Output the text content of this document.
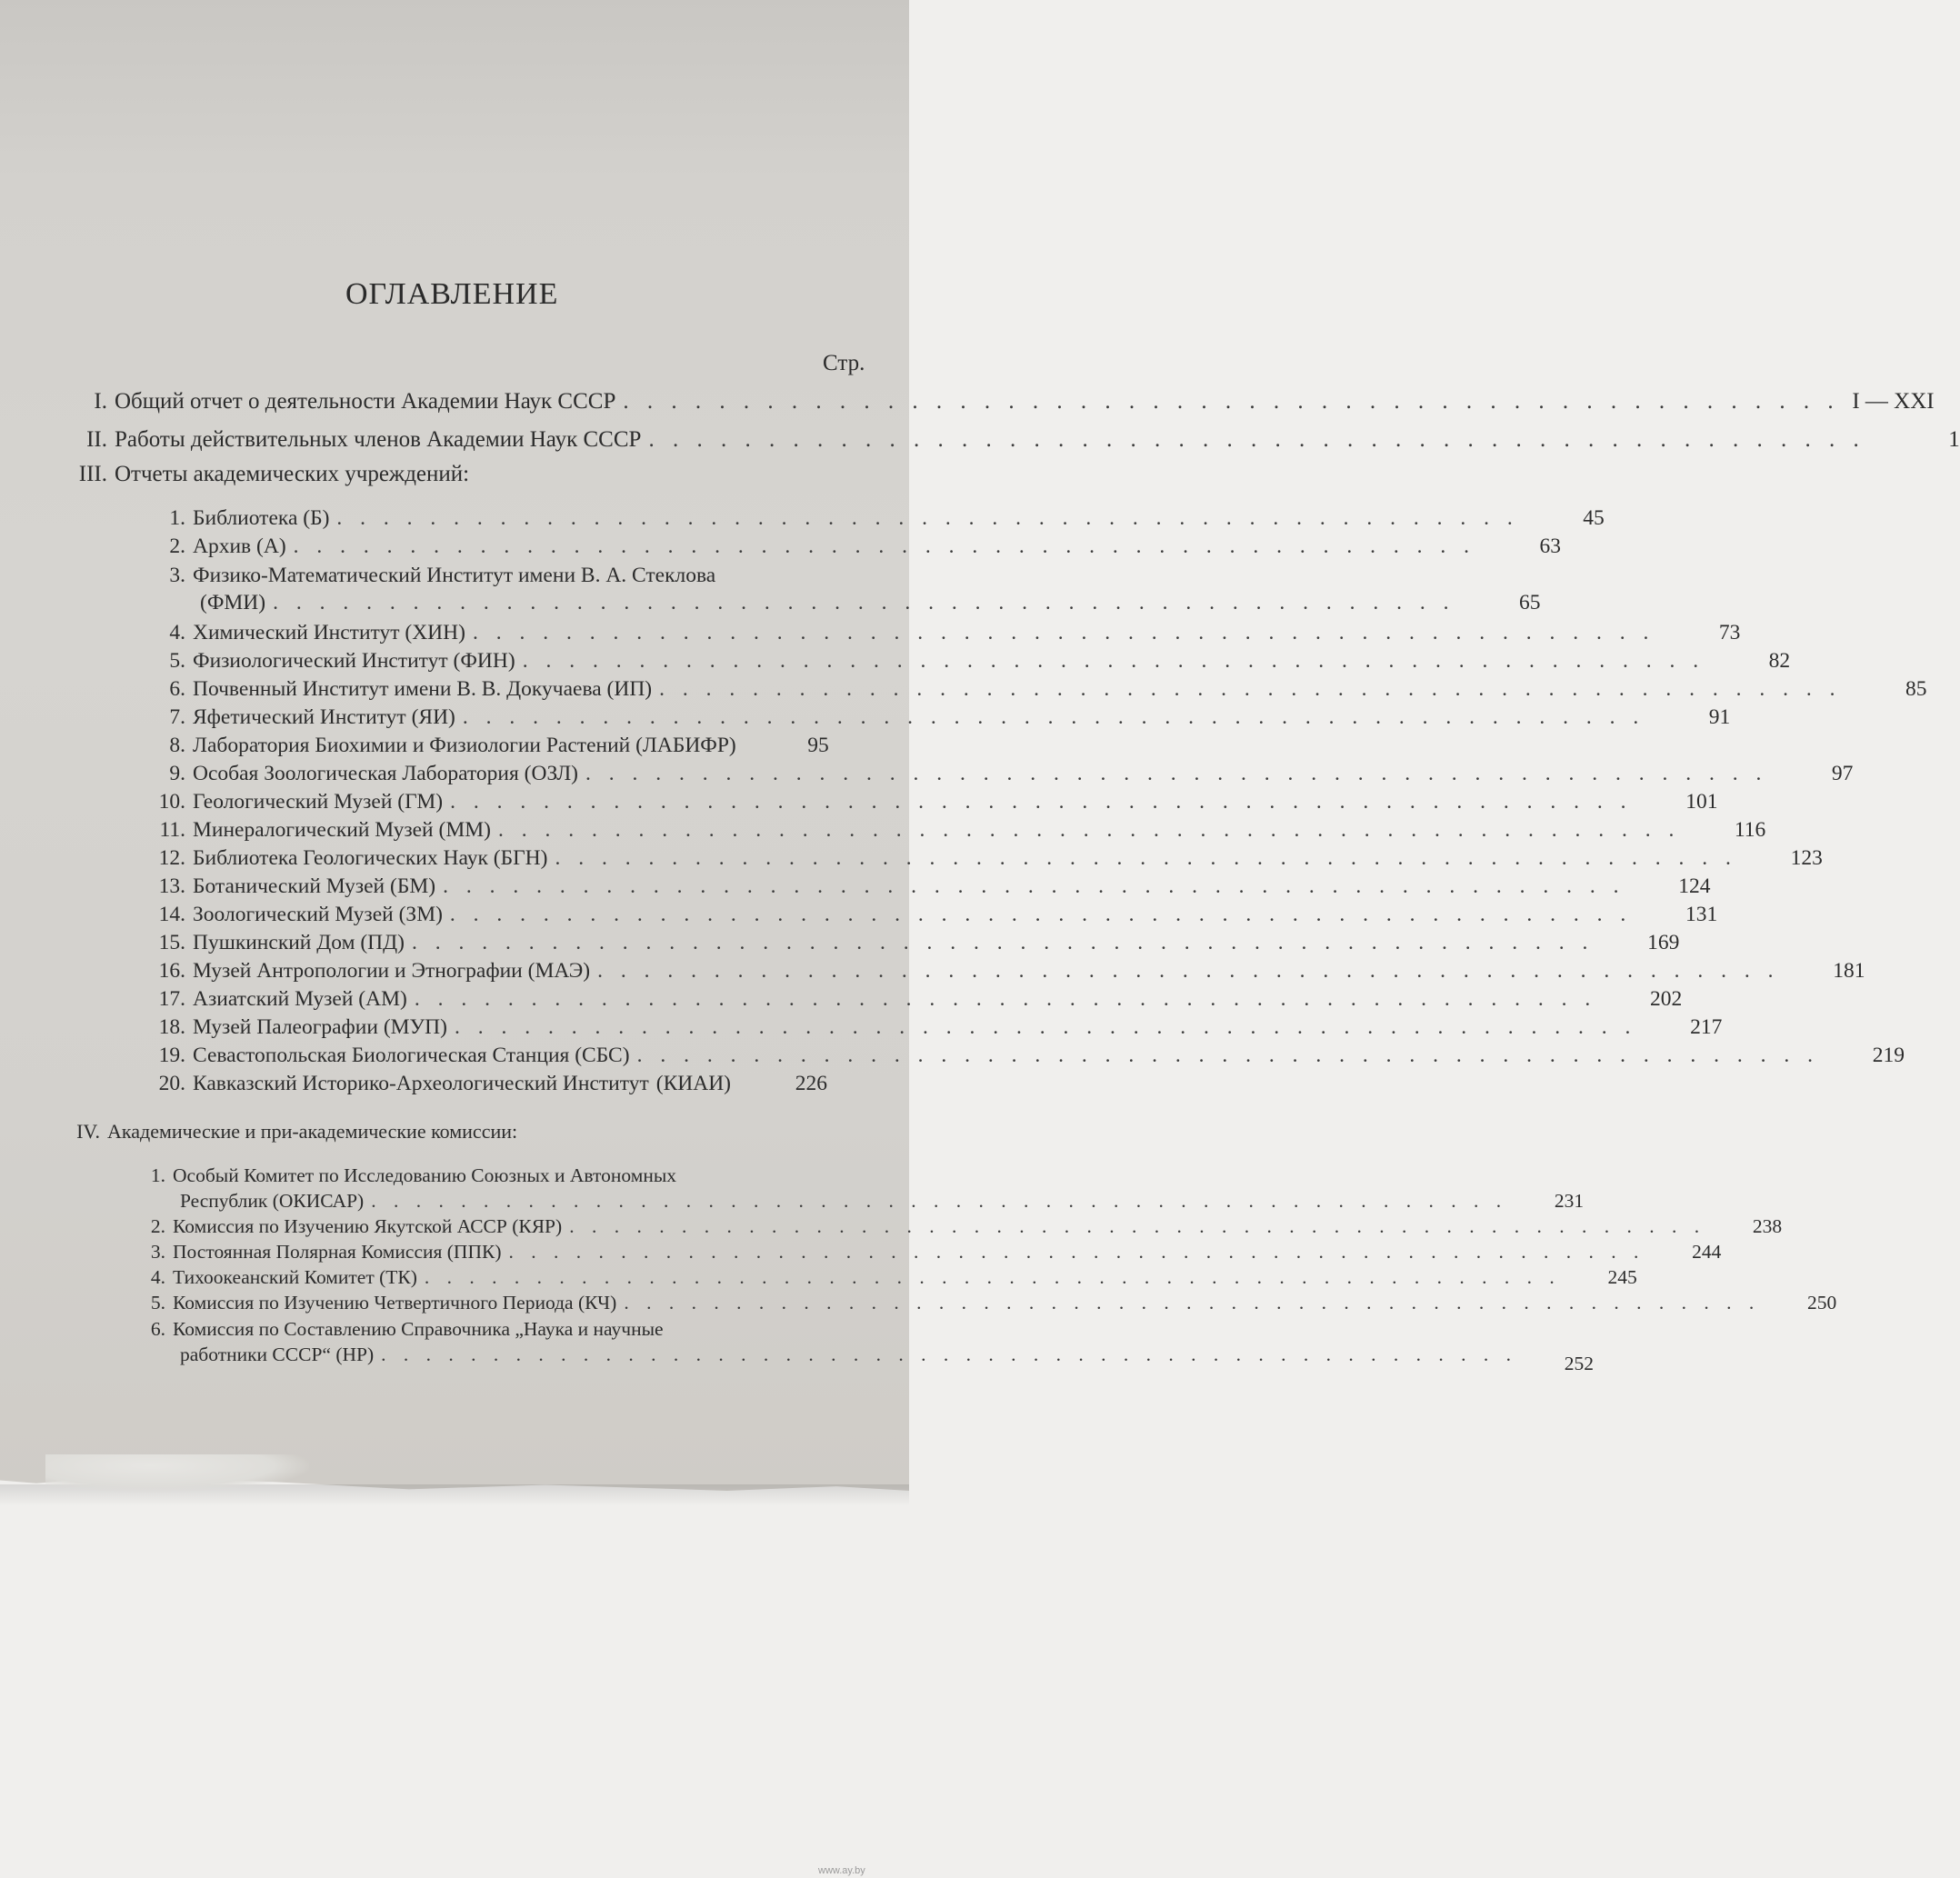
ОГЛАВЛЕНИЕ
Стр.
I. Общий отчет о деятельности Академии Наук СССР . . . . . . . . . . . . . . . . . . . . . . . . . . . . . . . . . . . . . . . . . . . . . . . . . . . I — XXI
II. Работы действительных членов Академии Наук СССР . . . . . . . . . . . . . . . . . . . . . . . . . . . . . . . . . . . . . . . . . . . . . . . . . . .	1
III. Отчеты академических учреждений:
1. Библиотека (Б) . . . . . . . . . . . . . . . . . . . . . . . . . . . . . . . . . . . . . . . . . . . . . . . . . . .	45
2. Архив (А) . . . . . . . . . . . . . . . . . . . . . . . . . . . . . . . . . . . . . . . . . . . . . . . . . . .	63
3. Физико-Математический Институт имени В. А. Стеклова
(ФМИ) . . . . . . . . . . . . . . . . . . . . . . . . . . . . . . . . . . . . . . . . . . . . . . . . . . .	65
4. Химический Институт (ХИН) . . . . . . . . . . . . . . . . . . . . . . . . . . . . . . . . . . . . . . . . . . . . . . . . . . .	73
5. Физиологический Институт (ФИН) . . . . . . . . . . . . . . . . . . . . . . . . . . . . . . . . . . . . . . . . . . . . . . . . . . .	82
6. Почвенный Институт имени В. В. Докучаева (ИП) . . . . . . . . . . . . . . . . . . . . . . . . . . . . . . . . . . . . . . . . . . . . . . . . . . .	85
7. Яфетический Институт (ЯИ) . . . . . . . . . . . . . . . . . . . . . . . . . . . . . . . . . . . . . . . . . . . . . . . . . . .	91
8. Лаборатория Биохимии и Физиологии Растений (ЛАБИФР)	95
9. Особая Зоологическая Лаборатория (ОЗЛ) . . . . . . . . . . . . . . . . . . . . . . . . . . . . . . . . . . . . . . . . . . . . . . . . . . .	97
10. Геологический Музей (ГМ) . . . . . . . . . . . . . . . . . . . . . . . . . . . . . . . . . . . . . . . . . . . . . . . . . . .	101
11. Минералогический Музей (ММ) . . . . . . . . . . . . . . . . . . . . . . . . . . . . . . . . . . . . . . . . . . . . . . . . . . .	116
12. Библиотека Геологических Наук (БГН) . . . . . . . . . . . . . . . . . . . . . . . . . . . . . . . . . . . . . . . . . . . . . . . . . . .	123
13. Ботанический Музей (БМ) . . . . . . . . . . . . . . . . . . . . . . . . . . . . . . . . . . . . . . . . . . . . . . . . . . .	124
14. Зоологический Музей (ЗМ) . . . . . . . . . . . . . . . . . . . . . . . . . . . . . . . . . . . . . . . . . . . . . . . . . . .	131
15. Пушкинский Дом (ПД) . . . . . . . . . . . . . . . . . . . . . . . . . . . . . . . . . . . . . . . . . . . . . . . . . . .	169
16. Музей Антропологии и Этнографии (МАЭ) . . . . . . . . . . . . . . . . . . . . . . . . . . . . . . . . . . . . . . . . . . . . . . . . . . .	181
17. Азиатский Музей (АМ) . . . . . . . . . . . . . . . . . . . . . . . . . . . . . . . . . . . . . . . . . . . . . . . . . . .	202
18. Музей Палеографии (МУП) . . . . . . . . . . . . . . . . . . . . . . . . . . . . . . . . . . . . . . . . . . . . . . . . . . .	217
19. Севастопольская Биологическая Станция (СБС) . . . . . . . . . . . . . . . . . . . . . . . . . . . . . . . . . . . . . . . . . . . . . . . . . . .	219
20. Кавказский Историко-Археологический Институт (КИАИ)	226
IV. Академические и при-академические комиссии:
1. Особый Комитет по Исследованию Союзных и Автономных
Республик (ОКИСАР) . . . . . . . . . . . . . . . . . . . . . . . . . . . . . . . . . . . . . . . . . . . . . . . . . . .	231
2. Комиссия по Изучению Якутской АССР (КЯР) . . . . . . . . . . . . . . . . . . . . . . . . . . . . . . . . . . . . . . . . . . . . . . . . . . .	238
3. Постоянная Полярная Комиссия (ППК) . . . . . . . . . . . . . . . . . . . . . . . . . . . . . . . . . . . . . . . . . . . . . . . . . . .	244
4. Тихоокеанский Комитет (ТК) . . . . . . . . . . . . . . . . . . . . . . . . . . . . . . . . . . . . . . . . . . . . . . . . . . .	245
5. Комиссия по Изучению Четвертичного Периода (КЧ) . . . . . . . . . . . . . . . . . . . . . . . . . . . . . . . . . . . . . . . . . . . . . . . . . . .	250
6. Комиссия по Составлению Справочника „Наука и научные
работники СССР“ (НР) . . . . . . . . . . . . . . . . . . . . . . . . . . . . . . . . . . . . . . . . . . . . . . . . . . .	252
www.ay.by
